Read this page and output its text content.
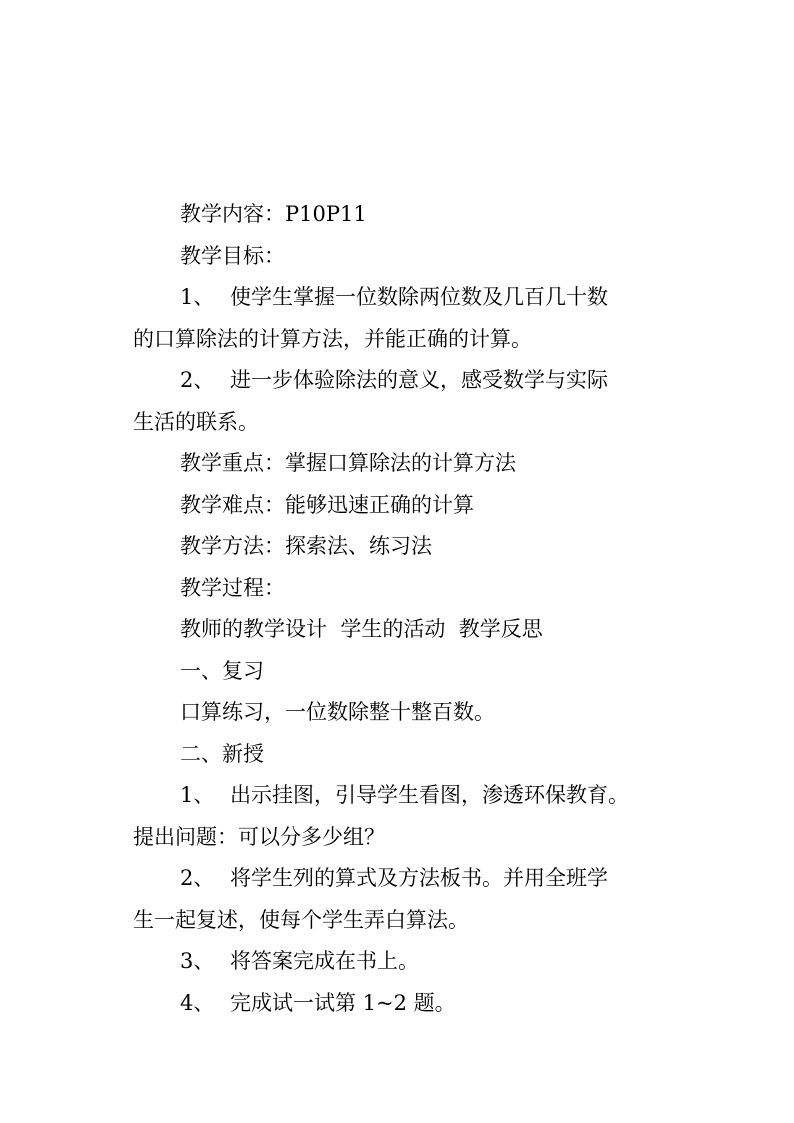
教学内容：P10P11
教学目标：
1、 使学生掌握一位数除两位数及几百几十数
的口算除法的计算方法，并能正确的计算。
2、 进一步体验除法的意义，感受数学与实际
生活的联系。
教学重点：掌握口算除法的计算方法
教学难点：能够迅速正确的计算
教学方法：探索法、练习法
教学过程：
教师的教学设计  学生的活动  教学反思
一、复习
口算练习，一位数除整十整百数。
二、新授
1、 出示挂图，引导学生看图，渗透环保教育。
提出问题：可以分多少组？
2、 将学生列的算式及方法板书。并用全班学
生一起复述，使每个学生弄白算法。
3、 将答案完成在书上。
4、 完成试一试第 1~2 题。
